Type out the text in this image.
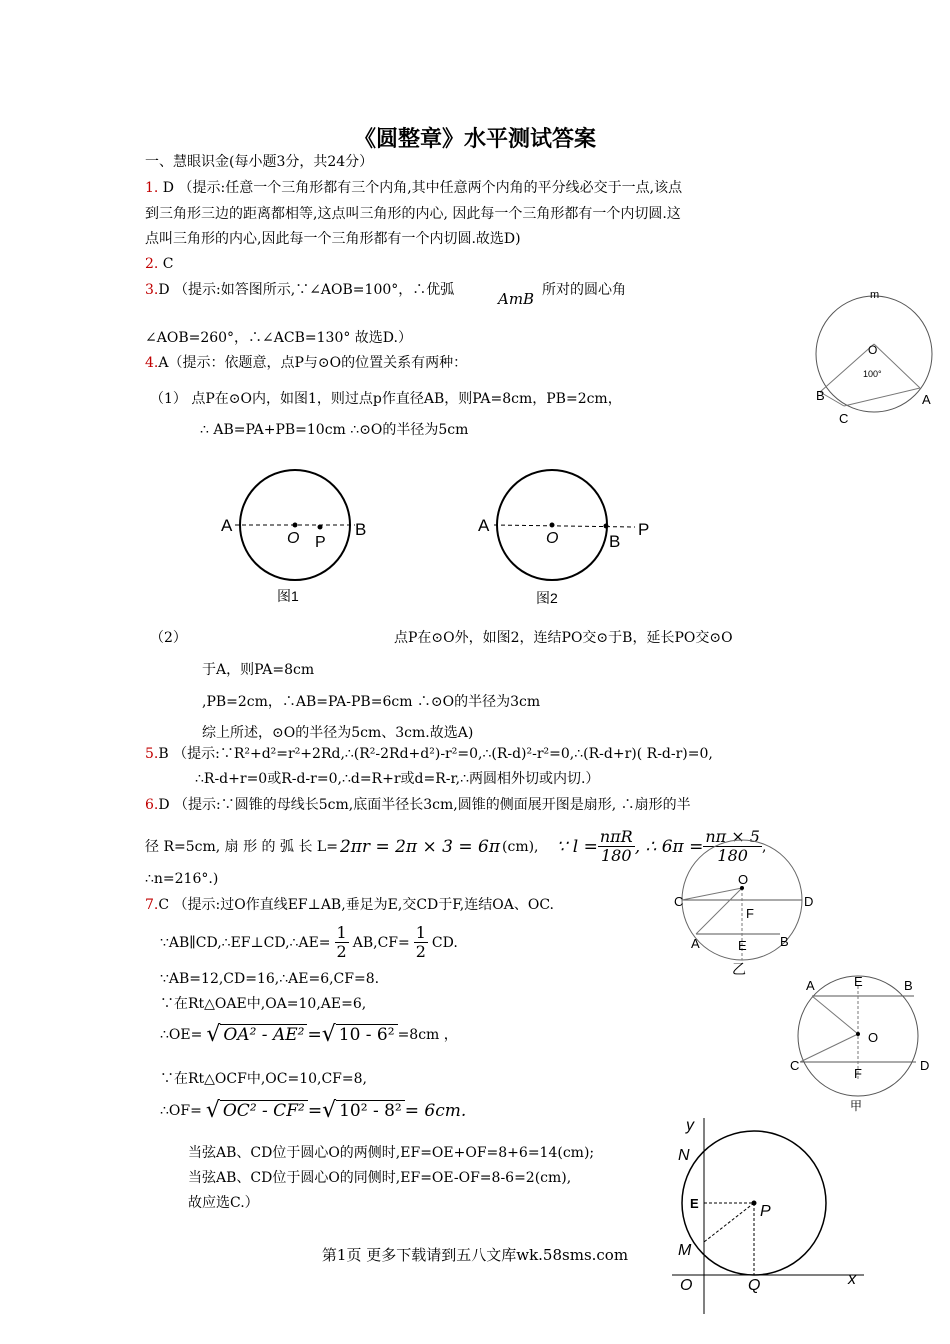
《圆整章》水平测试答案
一、慧眼识金(每小题3分，共24分）
1. D （提示:任意一个三角形都有三个内角,其中任意两个内角的平分线必交于一点,该点
到三角形三边的距离都相等,这点叫三角形的内心, 因此每一个三角形都有一个内切圆.这
点叫三角形的内心,因此每一个三角形都有一个内切圆.故选D)
2. C
3.D （提示:如答图所示,∵∠AOB=100°，∴优弧	AmB 所对的圆心角
∠AOB=260°，∴∠ACB=130° 故选D.）
m
O
100°
A
B
C
4.A（提示：依题意，点P与⊙O的位置关系有两种：
（1） 点P在⊙O内，如图1，则过点p作直径AB，则PA=8cm，PB=2cm，
∴ AB=PA+PB=10cm ∴⊙O的半径为5cm
A	B
O P
图1
A
B
O	P
图2
（2）	点P在⊙O外，如图2，连结PO交⊙于B，延长PO交⊙O
于A，则PA=8cm
,PB=2cm，∴AB=PA-PB=6cm ∴⊙O的半径为3cm
综上所述，⊙O的半径为5cm、3cm.故选A)
5.B （提示:∵R²+d²=r²+2Rd,∴(R²-2Rd+d²)-r²=0,∴(R-d)²-r²=0,∴(R-d+r)( R-d-r)=0,
∴R-d+r=0或R-d-r=0,∴d=R+r或d=R-r,∴两圆相外切或内切.）
6.D （提示:∵圆锥的母线长5cm,底面半径长3cm,圆锥的侧面展开图是扇形, ∴扇形的半
径 R=5cm, 扇 形 的 弧 长 L= 2πr = 2π × 3 = 6π (cm), ∵ $l = \frac{\text{nπR}}{180}$ , ∴ $6\pi = \frac{n\pi \times 5}{180}$ ,
∴n=216°.)	O
C	D
F
A	E	B
乙
7.C （提示:过O作直线EF⊥AB,垂足为E,交CD于F,连结OA、OC.
∵AB∥CD,∴EF⊥CD,∴AE= $\frac{1}{2} AB,CF= \frac{1}{2}$ CD.
∵AB=12,CD=16,∴AE=6,CF=8.
∵在Rt△OAE中,OA=10,AE=6,
∴OE= √ OA² - AE² = √ 10 - 6² =8cm ，
∵在Rt△OCF中,OC=10,CF=8,
∴OF= √ OC² - CF² = √ 10² - 8² = 6cm.
当弦AB、CD位于圆心O的两侧时,EF=OE+OF=8+6=14(cm);
当弦AB、CD位于圆心O的同侧时,EF=OE-OF=8-6=2(cm),
故应选C.）
A	E	B
O
C
F
D
甲
y
N
E	P
M
O	Q	x
第1页 更多下载请到五八文库wk.58sms.com
